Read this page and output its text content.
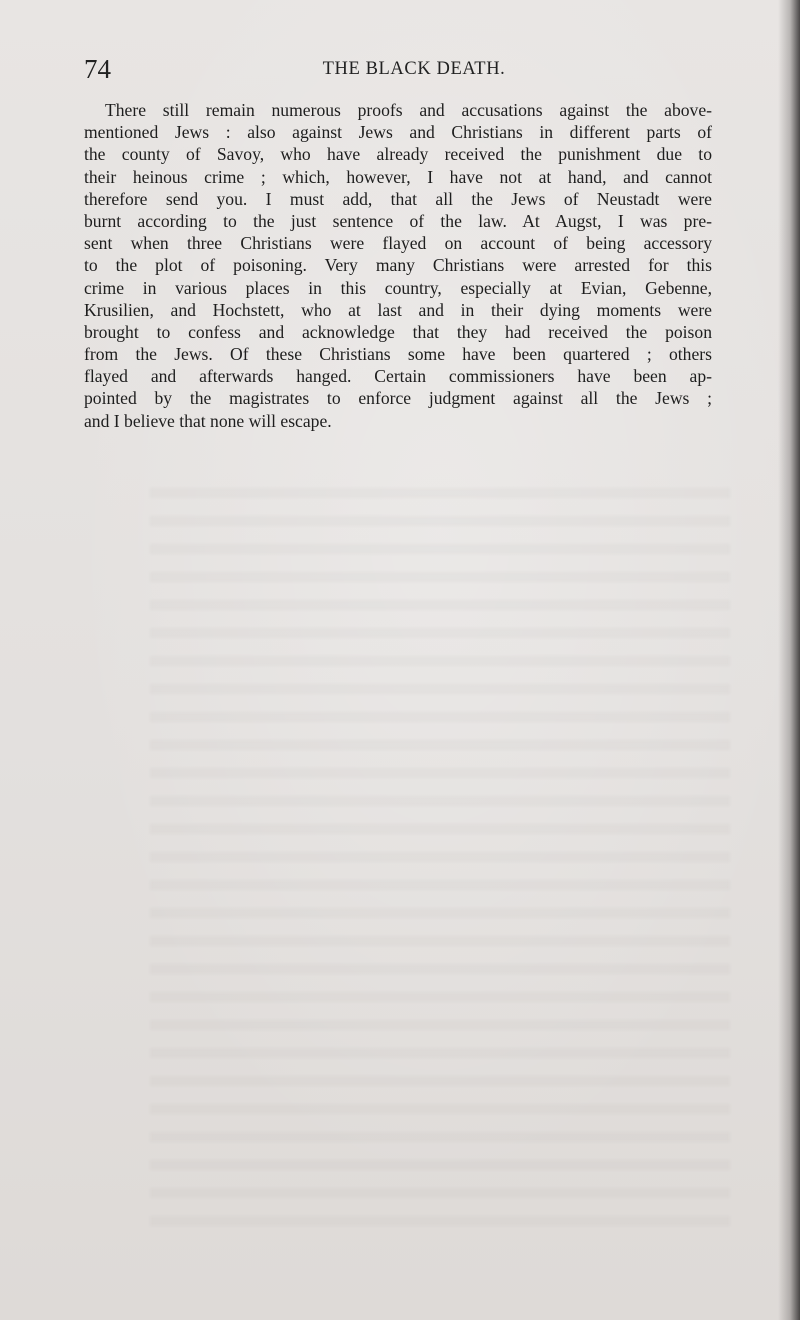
74	THE BLACK DEATH.

There still remain numerous proofs and accusations against the above-
mentioned Jews : also against Jews and Christians in different parts of
the county of Savoy, who have already received the punishment due to
their heinous crime ; which, however, I have not at hand, and cannot
therefore send you. I must add, that all the Jews of Neustadt were
burnt according to the just sentence of the law. At Augst, I was pre-
sent when three Christians were flayed on account of being accessory
to the plot of poisoning. Very many Christians were arrested for this
crime in various places in this country, especially at Evian, Gebenne,
Krusilien, and Hochstett, who at last and in their dying moments were
brought to confess and acknowledge that they had received the poison
from the Jews. Of these Christians some have been quartered ; others
flayed and afterwards hanged. Certain commissioners have been ap-
pointed by the magistrates to enforce judgment against all the Jews ;
and I believe that none will escape.
